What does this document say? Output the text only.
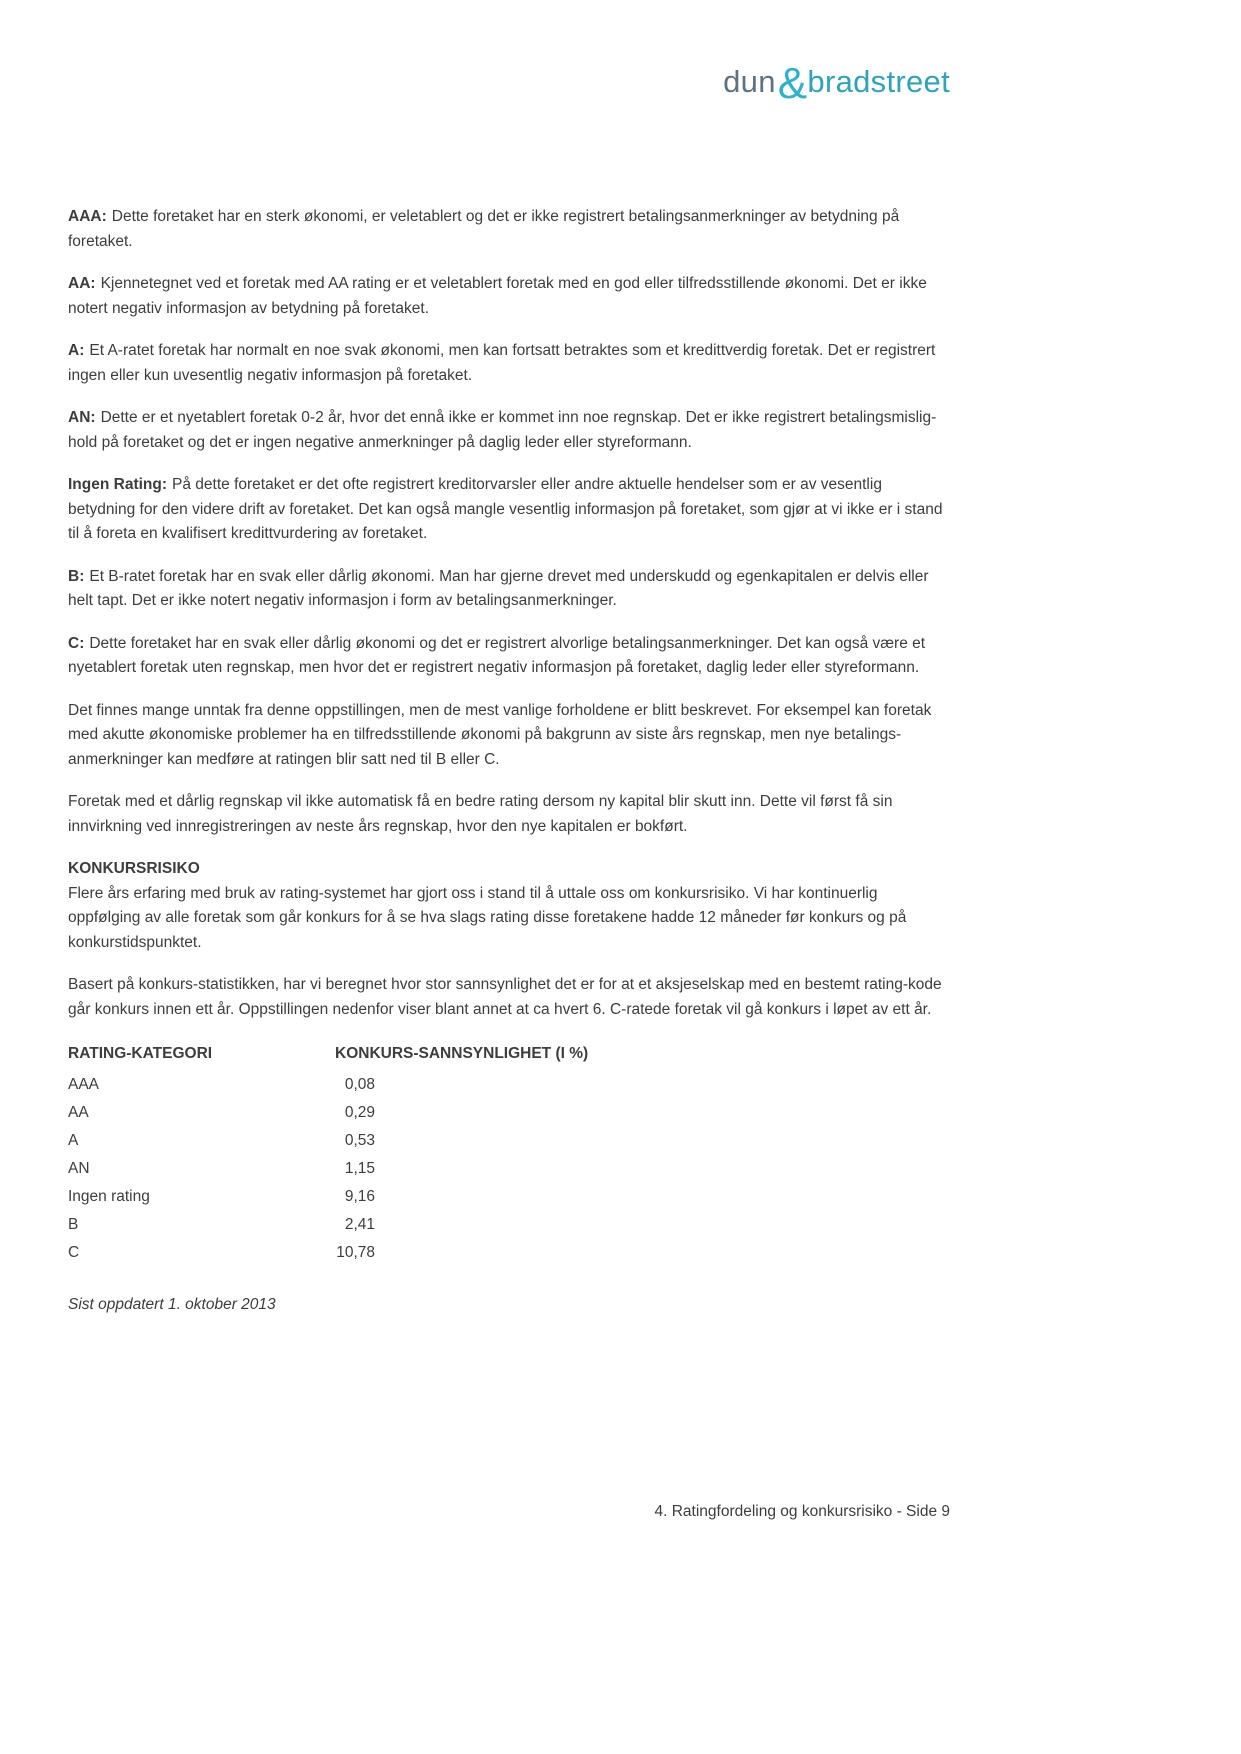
dun&bradstreet

AAA: Dette foretaket har en sterk økonomi, er veletablert og det er ikke registrert betalingsanmerkninger av betydning på foretaket.

AA: Kjennetegnet ved et foretak med AA rating er et veletablert foretak med en god eller tilfredsstillende økonomi. Det er ikke notert negativ informasjon av betydning på foretaket.

A: Et A-ratet foretak har normalt en noe svak økonomi, men kan fortsatt betraktes som et kredittverdig foretak. Det er registrert ingen eller kun uvesentlig negativ informasjon på foretaket.

AN: Dette er et nyetablert foretak 0-2 år, hvor det ennå ikke er kommet inn noe regnskap. Det er ikke registrert betalingsmislig- hold på foretaket og det er ingen negative anmerkninger på daglig leder eller styreformann.

Ingen Rating: På dette foretaket er det ofte registrert kreditorvarsler eller andre aktuelle hendelser som er av vesentlig betydning for den videre drift av foretaket. Det kan også mangle vesentlig informasjon på foretaket, som gjør at vi ikke er i stand til å foreta en kvalifisert kredittvurdering av foretaket.

B: Et B-ratet foretak har en svak eller dårlig økonomi. Man har gjerne drevet med underskudd og egenkapitalen er delvis eller helt tapt. Det er ikke notert negativ informasjon i form av betalingsanmerkninger.

C: Dette foretaket har en svak eller dårlig økonomi og det er registrert alvorlige betalingsanmerkninger. Det kan også være et nyetablert foretak uten regnskap, men hvor det er registrert negativ informasjon på foretaket, daglig leder eller styreformann.

Det finnes mange unntak fra denne oppstillingen, men de mest vanlige forholdene er blitt beskrevet. For eksempel kan foretak med akutte økonomiske problemer ha en tilfredsstillende økonomi på bakgrunn av siste års regnskap, men nye betalings- anmerkninger kan medføre at ratingen blir satt ned til B eller C.

Foretak med et dårlig regnskap vil ikke automatisk få en bedre rating dersom ny kapital blir skutt inn. Dette vil først få sin innvirkning ved innregistreringen av neste års regnskap, hvor den nye kapitalen er bokført.

KONKURSRISIKO

Flere års erfaring med bruk av rating-systemet har gjort oss i stand til å uttale oss om konkursrisiko. Vi har kontinuerlig oppfølging av alle foretak som går konkurs for å se hva slags rating disse foretakene hadde 12 måneder før konkurs og på konkurstidspunktet.

Basert på konkurs-statistikken, har vi beregnet hvor stor sannsynlighet det er for at et aksjeselskap med en bestemt rating-kode går konkurs innen ett år. Oppstillingen nedenfor viser blant annet at ca hvert 6. C-ratede foretak vil gå konkurs i løpet av ett år.

RATING-KATEGORI	KONKURS-SANNSYNLIGHET (I %)
AAA	0,08
AA	0,29
A	0,53
AN	1,15
Ingen rating	9,16
B	2,41
C	10,78
Sist oppdatert 1. oktober 2013
4. Ratingfordeling og konkursrisiko - Side 9
